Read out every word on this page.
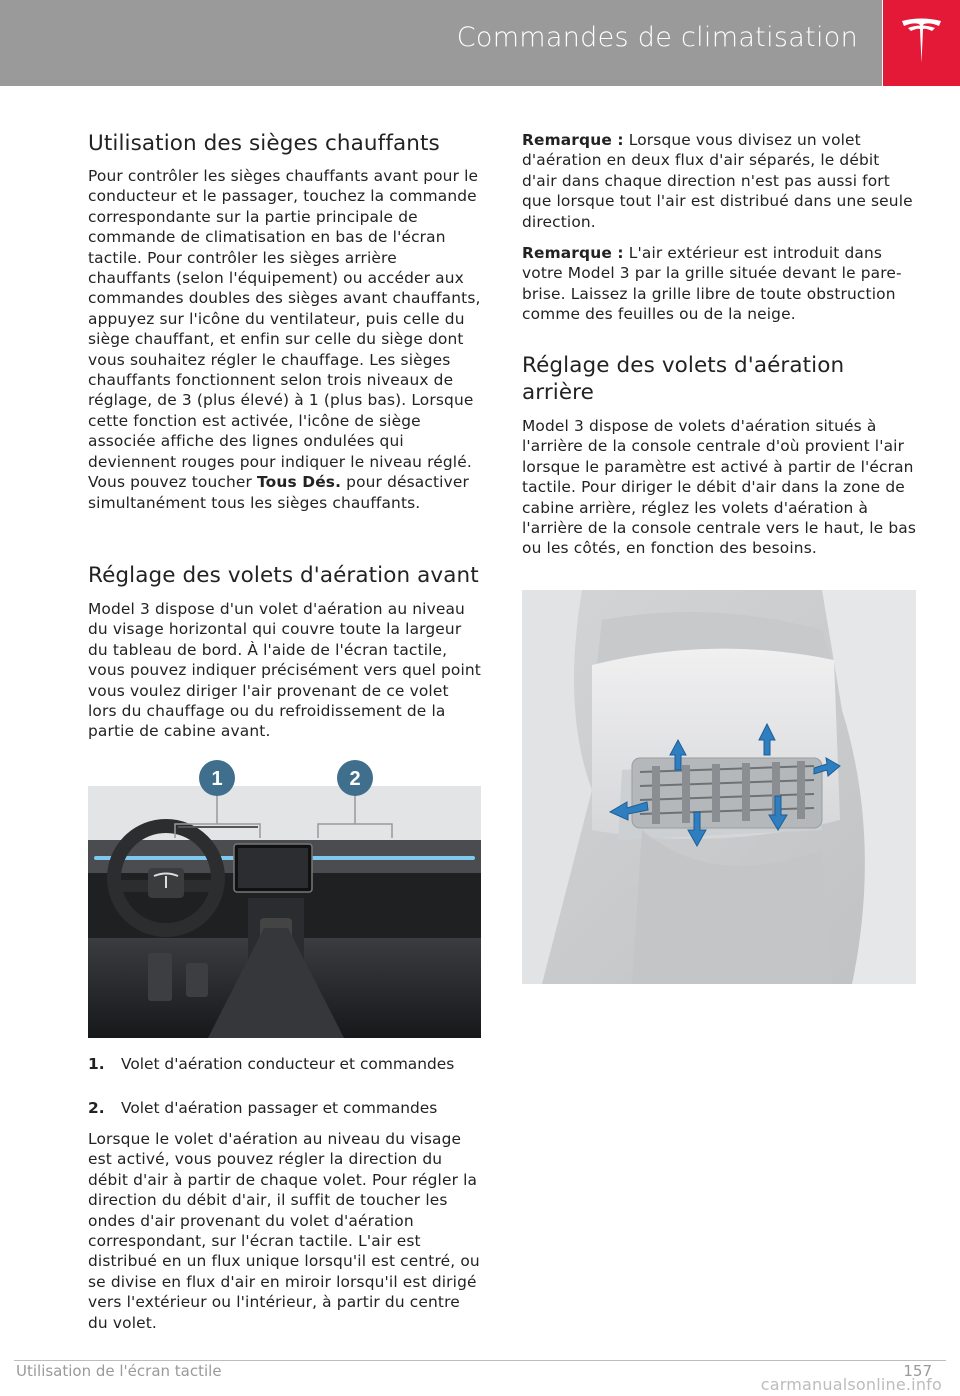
Commandes de climatisation
Utilisation des sièges chauffants

Pour contrôler les sièges chauffants avant pour le conducteur et le passager, touchez la commande correspondante sur la partie principale de commande de climatisation en bas de l'écran tactile. Pour contrôler les sièges arrière chauffants (selon l'équipement) ou accéder aux commandes doubles des sièges avant chauffants, appuyez sur l'icône du ventilateur, puis celle du siège chauffant, et enfin sur celle du siège dont vous souhaitez régler le chauffage. Les sièges chauffants fonctionnent selon trois niveaux de réglage, de 3 (plus élevé) à 1 (plus bas). Lorsque cette fonction est activée, l'icône de siège associée affiche des lignes ondulées qui deviennent rouges pour indiquer le niveau réglé. Vous pouvez toucher Tous Dés. pour désactiver simultanément tous les sièges chauffants.

Réglage des volets d'aération avant

Model 3 dispose d'un volet d'aération au niveau du visage horizontal qui couvre toute la largeur du tableau de bord. À l'aide de l'écran tactile, vous pouvez indiquer précisément vers quel point vous voulez diriger l'air provenant de ce volet lors du chauffage ou du refroidissement de la partie de cabine avant.

1	2
1. Volet d'aération conducteur et commandes
2. Volet d'aération passager et commandes

Lorsque le volet d'aération au niveau du visage est activé, vous pouvez régler la direction du débit d'air à partir de chaque volet. Pour régler la direction du débit d'air, il suffit de toucher les ondes d'air provenant du volet d'aération correspondant, sur l'écran tactile. L'air est distribué en un flux unique lorsqu'il est centré, ou se divise en flux d'air en miroir lorsqu'il est dirigé vers l'extérieur ou l'intérieur, à partir du centre du volet.

Remarque : Lorsque vous divisez un volet d'aération en deux flux d'air séparés, le débit d'air dans chaque direction n'est pas aussi fort que lorsque tout l'air est distribué dans une seule direction.

Remarque : L'air extérieur est introduit dans votre Model 3 par la grille située devant le pare-brise. Laissez la grille libre de toute obstruction comme des feuilles ou de la neige.

Réglage des volets d'aération arrière

Model 3 dispose de volets d'aération situés à l'arrière de la console centrale d'où provient l'air lorsque le paramètre est activé à partir de l'écran tactile. Pour diriger le débit d'air dans la zone de cabine arrière, réglez les volets d'aération à l'arrière de la console centrale vers le haut, le bas ou les côtés, en fonction des besoins.

Utilisation de l'écran tactile	157
carmanualsonline.info
